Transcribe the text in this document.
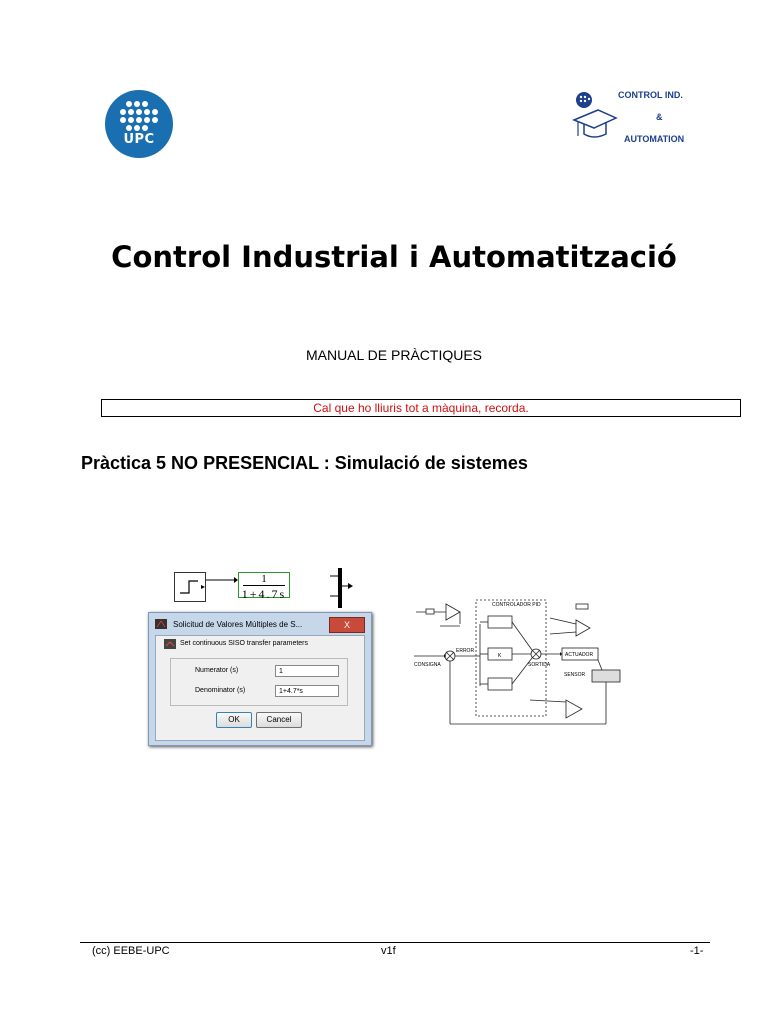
UPC
CONTROL IND.
&
AUTOMATION
Control Industrial i Automatització
MANUAL DE PRÀCTIQUES
Cal que ho lliuris tot a màquina, recorda.
Pràctica 5 NO PRESENCIAL : Simulació de sistemes
1
1+4.7s
Solicitud de Valores Múltiples de S...	X
Set continuous SISO transfer parameters
Numerator (s)	1
Denominator (s)	1+4.7*s
OK	Cancel
CONTROLADOR PID
ERROR
CONSIGNA	SORTIDA
ACTUADOR
SENSOR
K
(cc) EEBE-UPC	v1f	-1-
